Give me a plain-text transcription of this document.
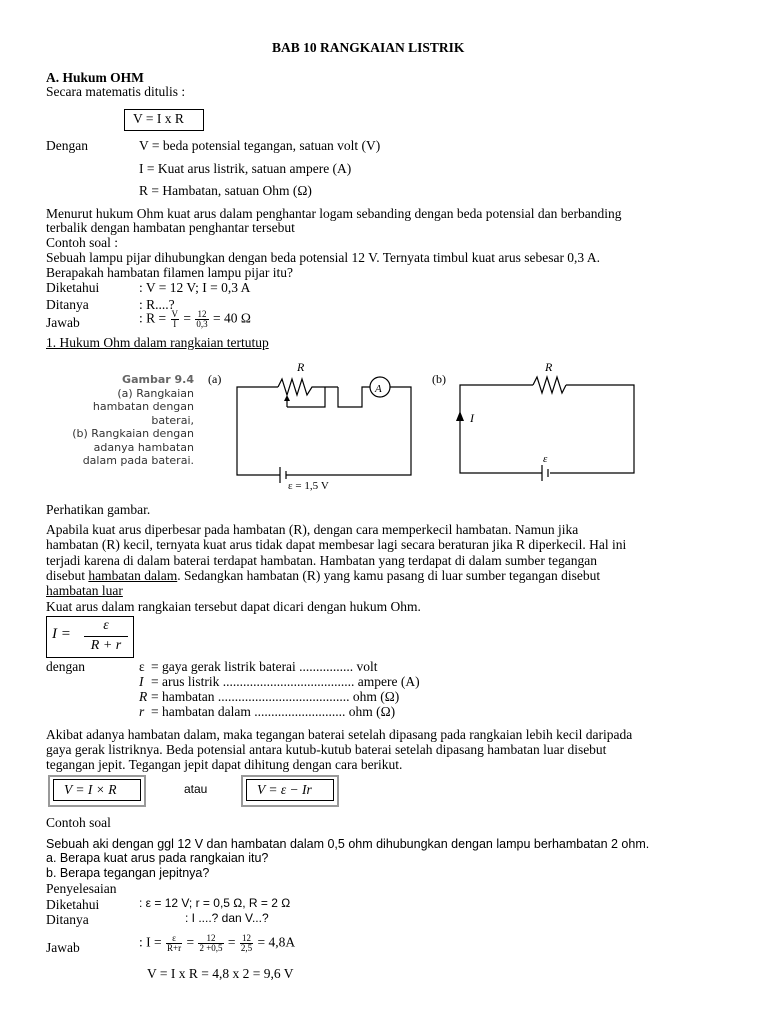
BAB 10 RANGKAIAN LISTRIK
A. Hukum OHM
Secara matematis ditulis :
V = I x R
Dengan	V = beda potensial tegangan, satuan volt (V)
I = Kuat arus listrik, satuan ampere (A)
R = Hambatan, satuan Ohm (Ω)
Menurut hukum Ohm kuat arus dalam penghantar logam sebanding dengan beda potensial dan berbanding
terbalik dengan hambatan penghantar tersebut
Contoh soal :
Sebuah lampu pijar dihubungkan dengan beda potensial 12 V. Ternyata timbul kuat arus sebesar 0,3 A.
Berapakah hambatan filamen lampu pijar itu?
Diketahui	: V = 12 V; I = 0,3 A
Ditanya	: R....?
Jawab	: $R = \frac{V}{I} = \frac{12}{0,3} = 40$ Ω
1. Hukum Ohm dalam rangkaian tertutup
Gambar 9.4
(a) Rangkaian
hambatan dengan
baterai,
(b) Rangkaian dengan
adanya hambatan
dalam pada baterai.
(a)
R
A
ε = 1,5 V
(b)
R
I
ε
Perhatikan gambar.
Apabila kuat arus diperbesar pada hambatan (R), dengan cara memperkecil hambatan. Namun jika
hambatan (R) kecil, ternyata kuat arus tidak dapat membesar lagi secara beraturan jika R diperkecil. Hal ini
terjadi karena di dalam baterai terdapat hambatan. Hambatan yang terdapat di dalam sumber tegangan
disebut hambatan dalam. Sedangkan hambatan (R) yang kamu pasang di luar sumber tegangan disebut
hambatan luar
Kuat arus dalam rangkaian tersebut dapat dicari dengan hukum Ohm.
I =
ε
R + r
dengan	ε = gaya gerak listrik baterai ................ volt
I = arus listrik ....................................... ampere (A)
R = hambatan ....................................... ohm (Ω)
r = hambatan dalam ........................... ohm (Ω)
Akibat adanya hambatan dalam, maka tegangan baterai setelah dipasang pada rangkaian lebih kecil daripada
gaya gerak listriknya. Beda potensial antara kutub-kutub baterai setelah dipasang hambatan luar disebut
tegangan jepit. Tegangan jepit dapat dihitung dengan cara berikut.
V = I × R	atau	V = ε − Ir
Contoh soal
Sebuah aki dengan ggl 12 V dan hambatan dalam 0,5 ohm dihubungkan dengan lampu berhambatan 2 ohm.
a. Berapa kuat arus pada rangkaian itu?
b. Berapa tegangan jepitnya?
Penyelesaian
Diketahui	: ε = 12 V; r = 0,5 Ω, R = 2 Ω
Ditanya	: I ....? dan V...?
Jawab	: $I = \frac{\varepsilon}{R+r} = \frac{12}{2 +0,5} = \frac{12}{2,5} = 4,8A$
V = I x R = 4,8 x 2 = 9,6 V
